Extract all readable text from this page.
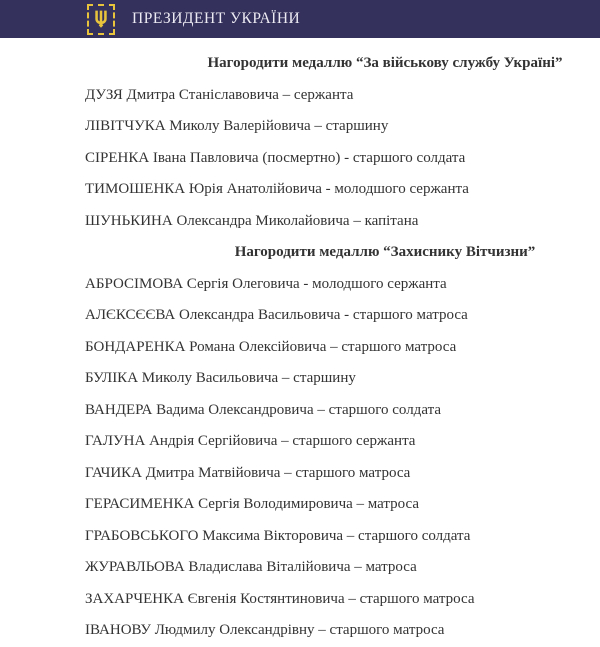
ПРЕЗИДЕНТ УКРАЇНИ

Нагородити медаллю “За військову службу Україні”

ДУЗЯ Дмитра Станіславовича – сержанта

ЛІВІТЧУКА Миколу Валерійовича – старшину

СІРЕНКА Івана Павловича (посмертно) - старшого солдата

ТИМОШЕНКА Юрія Анатолійовича - молодшого сержанта

ШУНЬКИНА Олександра Миколайовича – капітана

Нагородити медаллю “Захиснику Вітчизни”

АБРОСІМОВА Сергія Олеговича - молодшого сержанта

АЛЄКСЄЄВА Олександра Васильовича - старшого матроса

БОНДАРЕНКА Романа Олексійовича – старшого матроса

БУЛІКА Миколу Васильовича – старшину

ВАНДЕРА Вадима Олександровича – старшого солдата

ГАЛУНА Андрія Сергійовича – старшого сержанта

ГАЧИКА Дмитра Матвійовича – старшого матроса

ГЕРАСИМЕНКА Сергія Володимировича – матроса

ГРАБОВСЬКОГО Максима Вікторовича – старшого солдата

ЖУРАВЛЬОВА Владислава Віталійовича – матроса

ЗАХАРЧЕНКА Євгенія Костянтиновича – старшого матроса

ІВАНОВУ Людмилу Олександрівну – старшого матроса
